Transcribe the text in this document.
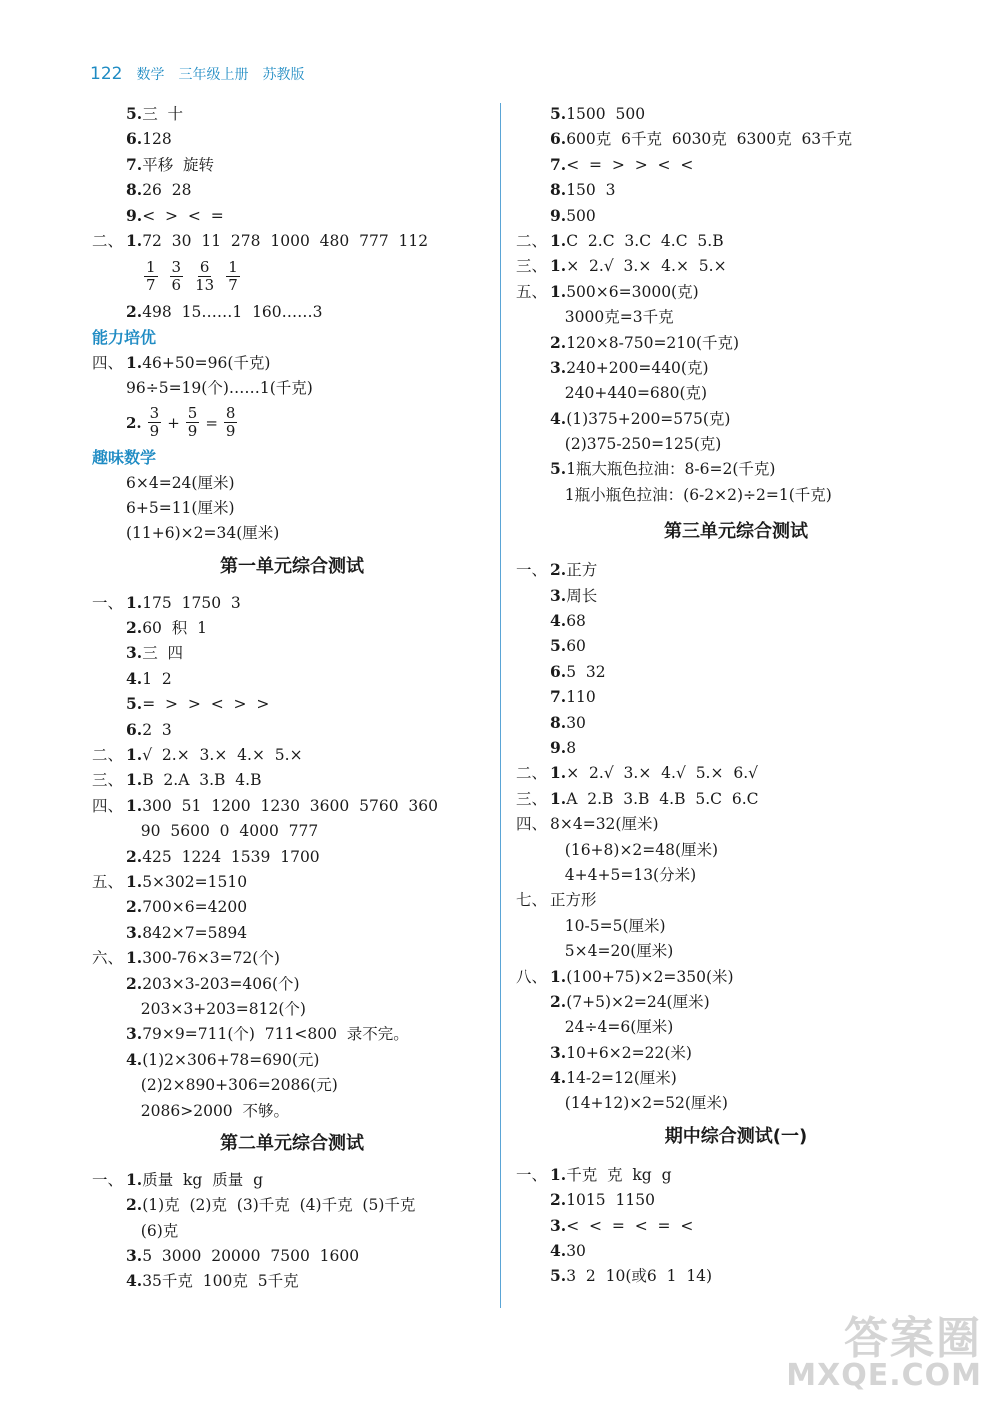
122 数学 三年级上册 苏教版
5.三  十
6.128
7.平移  旋转
8.26  28
9.<  >  <  =
二、 1.72  30  11  278  1000  480  777  112
$\frac{1}{7} \frac{3}{6} \frac{6}{13} \frac{1}{7}$
2.498  15……1  160……3
能力培优
四、 1.46+50=96(千克)
96÷5=19(个)……1(千克)
2. $\frac{3}{9} + \frac{5}{9} = \frac{8}{9}$
趣味数学
6×4=24(厘米)
6+5=11(厘米)
(11+6)×2=34(厘米)
第一单元综合测试
一、 1.175  1750  3
2.60  积  1
3.三  四
4.1  2
5.=  >  >  <  >  >
6.2  3
二、 1.√  2.×  3.×  4.×  5.×
三、 1.B  2.A  3.B  4.B
四、 1.300  51  1200  1230  3600  5760  360
90  5600  0  4000  777
2.425  1224  1539  1700
五、 1.5×302=1510
2.700×6=4200
3.842×7=5894
六、 1.300-76×3=72(个)
2.203×3-203=406(个)
203×3+203=812(个)
3.79×9=711(个)  711<800  录不完。
4.(1)2×306+78=690(元)
(2)2×890+306=2086(元)
2086>2000  不够。
第二单元综合测试
一、 1.质量  kg  质量  g
2.(1)克  (2)克  (3)千克  (4)千克  (5)千克
(6)克
3.5  3000  20000  7500  1600
4.35千克  100克  5千克
5.1500  500
6.600克  6千克  6030克  6300克  63千克
7.<  =  >  >  <  <
8.150  3
9.500
二、 1.C  2.C  3.C  4.C  5.B
三、 1.×  2.√  3.×  4.×  5.×
五、 1.500×6=3000(克)
3000克=3千克
2.120×8-750=210(千克)
3.240+200=440(克)
240+440=680(克)
4.(1)375+200=575(克)
(2)375-250=125(克)
5.1瓶大瓶色拉油：8-6=2(千克)
1瓶小瓶色拉油：(6-2×2)÷2=1(千克)
第三单元综合测试
一、 2.正方
3.周长
4.68
5.60
6.5  32
7.110
8.30
9.8
二、 1.×  2.√  3.×  4.√  5.×  6.√
三、 1.A  2.B  3.B  4.B  5.C  6.C
四、 8×4=32(厘米)
(16+8)×2=48(厘米)
4+4+5=13(分米)
七、 正方形
10-5=5(厘米)
5×4=20(厘米)
八、 1.(100+75)×2=350(米)
2.(7+5)×2=24(厘米)
24÷4=6(厘米)
3.10+6×2=22(米)
4.14-2=12(厘米)
(14+12)×2=52(厘米)
期中综合测试(一)
一、 1.千克  克  kg  g
2.1015  1150
3.<  <  =  <  =  <
4.30
5.3  2  10(或6  1  14)
答案圈
MXQE.COM
